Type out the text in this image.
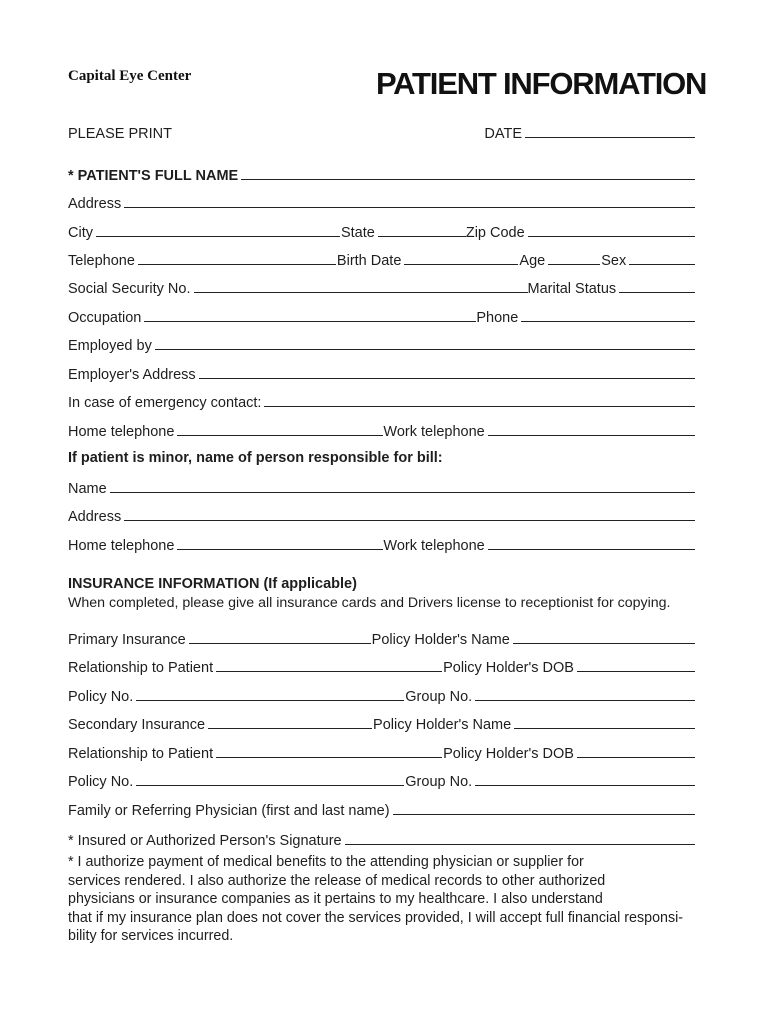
Capital Eye Center	PATIENT INFORMATION
PLEASE PRINT	DATE
* PATIENT'S FULL NAME
Address
City	State	Zip Code
Telephone	Birth Date	Age	Sex
Social Security No.	Marital Status
Occupation	Phone
Employed by
Employer's Address
In case of emergency contact:
Home telephone	Work telephone
If patient is minor, name of person responsible for bill:
Name
Address
Home telephone	Work telephone
INSURANCE INFORMATION (If applicable)
When completed, please give all insurance cards and Drivers license to receptionist for copying.
Primary Insurance	Policy Holder's Name
Relationship to Patient	Policy Holder's DOB
Policy No.	Group No.
Secondary Insurance	Policy Holder's Name
Relationship to Patient	Policy Holder's DOB
Policy No.	Group No.
Family or Referring Physician (first and last name)
* Insured or Authorized Person's Signature
* I authorize payment of medical benefits to the attending physician or supplier for
services rendered. I also authorize the release of medical records to other authorized
physicians or insurance companies as it pertains to my healthcare. I also understand
that if my insurance plan does not cover the services provided, I will accept full financial responsi-
bility for services incurred.
